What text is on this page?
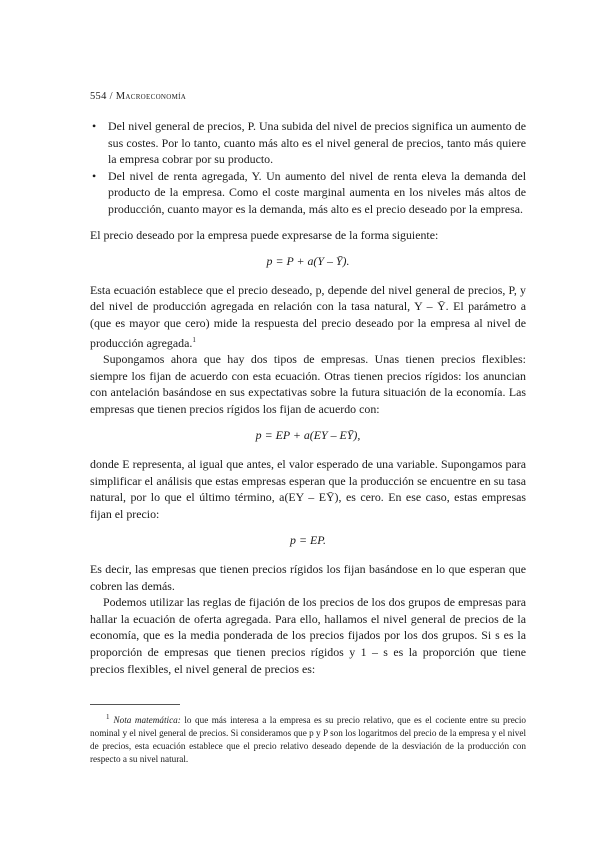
554 / Macroeconomía
• Del nivel general de precios, P. Una subida del nivel de precios significa un aumento de sus costes. Por lo tanto, cuanto más alto es el nivel general de precios, tanto más quiere la empresa cobrar por su producto.
• Del nivel de renta agregada, Y. Un aumento del nivel de renta eleva la demanda del producto de la empresa. Como el coste marginal aumenta en los niveles más altos de producción, cuanto mayor es la demanda, más alto es el precio deseado por la empresa.

El precio deseado por la empresa puede expresarse de la forma siguiente:

p = P + a(Y – Ȳ).

Esta ecuación establece que el precio deseado, p, depende del nivel general de precios, P, y del nivel de producción agregada en relación con la tasa natural, Y – Ȳ. El parámetro a (que es mayor que cero) mide la respuesta del precio deseado por la empresa al nivel de producción agregada.$^1$

Supongamos ahora que hay dos tipos de empresas. Unas tienen precios flexibles: siempre los fijan de acuerdo con esta ecuación. Otras tienen precios rígidos: los anuncian con antelación basándose en sus expectativas sobre la futura situación de la economía. Las empresas que tienen precios rígidos los fijan de acuerdo con:

p = EP + a(EY – EȲ),

donde E representa, al igual que antes, el valor esperado de una variable. Supongamos para simplificar el análisis que estas empresas esperan que la producción se encuentre en su tasa natural, por lo que el último término, a(EY – EȲ), es cero. En ese caso, estas empresas fijan el precio:

p = EP.

Es decir, las empresas que tienen precios rígidos los fijan basándose en lo que esperan que cobren las demás.

Podemos utilizar las reglas de fijación de los precios de los dos grupos de empresas para hallar la ecuación de oferta agregada. Para ello, hallamos el nivel general de precios de la economía, que es la media ponderada de los precios fijados por los dos grupos. Si s es la proporción de empresas que tienen precios rígidos y 1 – s es la proporción que tiene precios flexibles, el nivel general de precios es:

$^1$ Nota matemática: lo que más interesa a la empresa es su precio relativo, que es el cociente entre su precio nominal y el nivel general de precios. Si consideramos que p y P son los logaritmos del precio de la empresa y el nivel de precios, esta ecuación establece que el precio relativo deseado depende de la desviación de la producción con respecto a su nivel natural.
